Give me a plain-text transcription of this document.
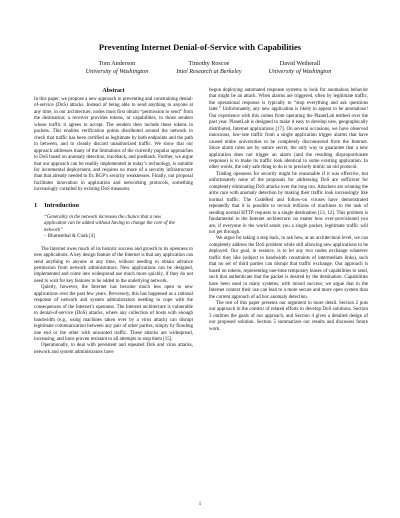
Preventing Internet Denial-of-Service with Capabilities
Tom Anderson
University of Washington
Timothy Roscoe
Intel Research at Berkeley
David Wetherall
University of Washington
Abstract

In this paper, we propose a new approach to preventing and constraining denial-of-service (DoS) attacks. Instead of being able to send anything to anyone at any time, in our architecture, nodes must first obtain “permission to send” from the destination; a receiver provides tokens, or capabilities, to those senders whose traffic it agrees to accept. The senders then include these tokens in packets. This enables verification points distributed around the network to check that traffic has been certified as legitimate by both endpoints and the path in between, and to cleanly discard unauthorized traffic. We show that our approach addresses many of the limitations of the currently popular approaches to DoS based on anomaly detection, traceback, and pushback. Further, we argue that our approach can be readily implemented in today’s technology, is suitable for incremental deployment, and requires no more of a security infrastructure than that already needed to fix BGP’s security weaknesses. Finally, our proposal facilitates innovation in application and networking protocols, something increasingly curtailed by existing DoS measures.

1 Introduction
“Generality in the network increases the chance that a new application can be added without having to change the core of the network”
– Blumenthal & Clark [4]

The Internet owes much of its historic success and growth to its openness to new applications. A key design feature of the Internet is that any application can send anything to anyone at any time, without needing to obtain advance permission from network administrators. New applications can be designed, implemented and come into widespread use much more quickly, if they do not need to wait for key features to be added to the underlying network.

Quietly, however, the Internet has become much less open to new applications over the past few years. Perversely, this has happened as a rational response of network and system administrators needing to cope with the consequences of the Internet’s openness. The Internet architecture is vulnerable to denial-of-service (DoS) attacks, where any collection of hosts with enough bandwidth (e.g., using machines taken over by a virus attack) can disrupt legitimate communication between any pair of other parties, simply by flooding one end or the other with unwanted traffic. These attacks are widespread, increasing, and have proven resistant to all attempts to stop them [15].

Operationally, to deal with persistent and repeated DoS and virus attacks, network and system administrators have

begun deploying automated response systems to look for anomalous behavior that might be an attack. When alarms are triggered, often by legitimate traffic, the operational response is typically to “stop everything and ask questions later.” Unfortunately, any new application is likely to appear to be anomalous! Our experience with this comes from operating the PlanetLab testbed over the past year. PlanetLab is designed to make it easy to develop new, geographically distributed, Internet applications [17]. On several occasions, we have observed innocuous, low-rate traffic from a single application trigger alarms that have caused entire universities to be completely disconnected from the Internet. Since alarm rules are by nature secret, the only way to guarantee that a new application does not trigger an alarm (and the resulting disproportionate response) is to make its traffic look identical to some existing application. In other words, the only safe thing to do is to precisely mimic an old protocol.

Trading openness for security might be reasonable if it was effective, but unfortunately none of the proposals for addressing DoS are sufficient for completely eliminating DoS attacks over the long run. Attackers are winning the arms race with anomaly detection by making their traffic look increasingly like normal traffic. The CodeRed and follow-on viruses have demonstrated repeatedly that it is possible to recruit millions of machines to the task of sending normal HTTP requests to a single destination [13, 12]. This problem is fundamental to the Internet architecture: no matter how over-provisioned you are, if everyone in the world sends you a single packet, legitimate traffic will not get through.

We argue for taking a step back, to ask how, at an architectural level, we can completely address the DoS problem while still allowing new applications to be deployed. Our goal, in essence, is to let any two nodes exchange whatever traffic they like (subject to bandwidth constraints of intermediate links), such that no set of third parties can disrupt that traffic exchange. Our approach is based on tokens, representing one-time temporary leases of capabilities to send, such that authenticate that the packet is desired by the destination. Capabilities have been used in many systems, with mixed success; we argue that in the Internet context their use can lead to a more secure and more open system than the current approach of ad hoc anomaly detection.

The rest of this paper presents our argument in more detail. Section 2 puts our approach in the context of related efforts to develop DoS solutions. Section 3 outlines the goals of our approach, and Section 4 gives a detailed design of our proposed solution. Section 5 summarizes our results and discusses future work.

1
